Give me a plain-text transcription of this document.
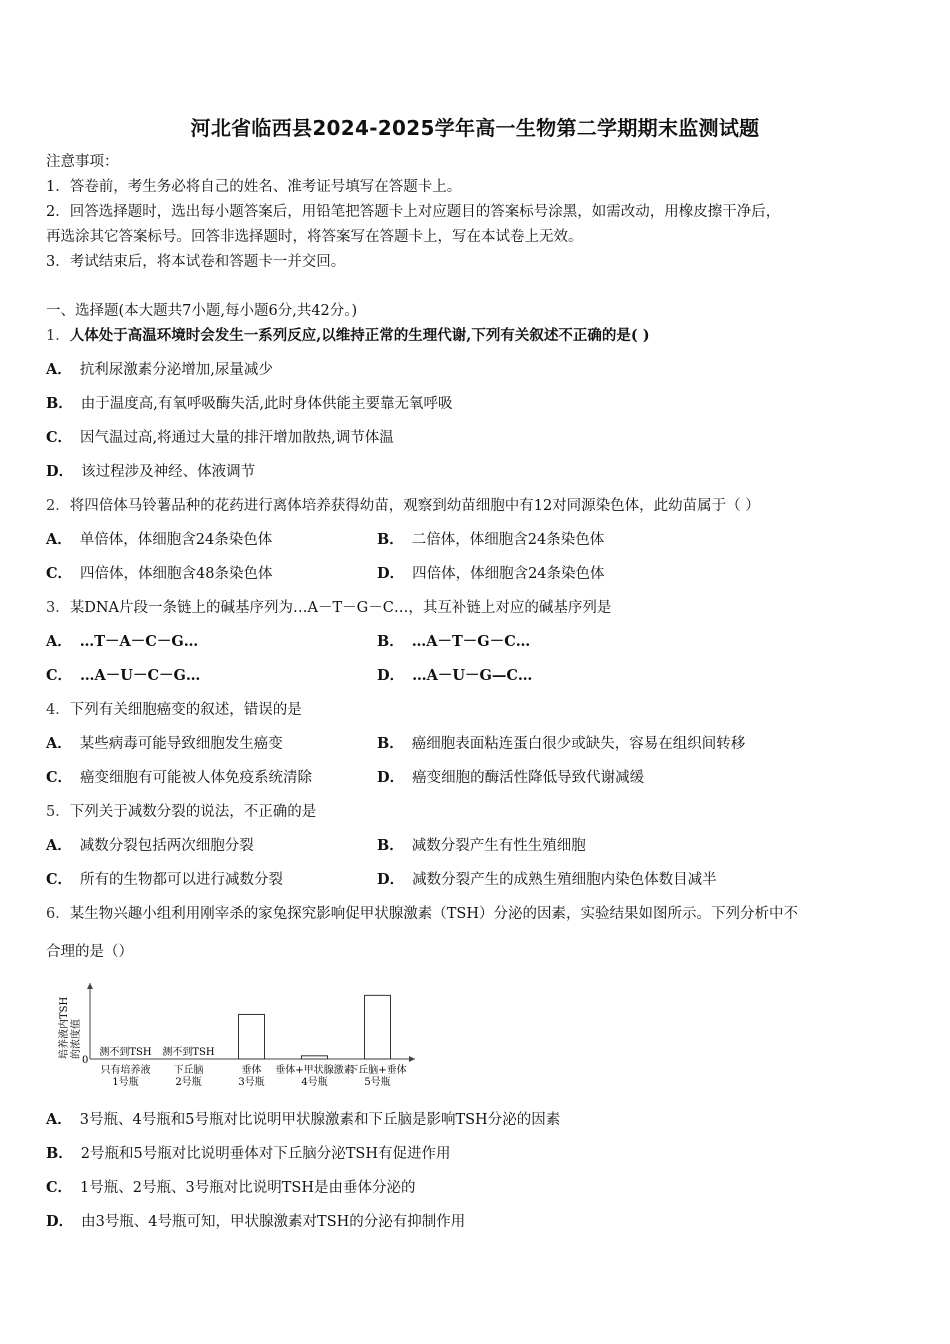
河北省临西县2024-2025学年高一生物第二学期期末监测试题
注意事项：
1．答卷前，考生务必将自己的姓名、准考证号填写在答题卡上。
2．回答选择题时，选出每小题答案后，用铅笔把答题卡上对应题目的答案标号涂黑，如需改动，用橡皮擦干净后，
再选涂其它答案标号。回答非选择题时，将答案写在答题卡上，写在本试卷上无效。
3．考试结束后，将本试卷和答题卡一并交回。
一、选择题(本大题共7小题,每小题6分,共42分。)
1．人体处于高温环境时会发生一系列反应,以维持正常的生理代谢,下列有关叙述不正确的是( )
A． 抗利尿激素分泌增加,尿量减少
B． 由于温度高,有氧呼吸酶失活,此时身体供能主要靠无氧呼吸
C． 因气温过高,将通过大量的排汗增加散热,调节体温
D． 该过程涉及神经、体液调节
2．将四倍体马铃薯品种的花药进行离体培养获得幼苗，观察到幼苗细胞中有12对同源染色体，此幼苗属于（ ）
A． 单倍体，体细胞含24条染色体	B． 二倍体，体细胞含24条染色体
C． 四倍体，体细胞含48条染色体	D． 四倍体，体细胞含24条染色体
3．某DNA片段一条链上的碱基序列为…A－T－G－C…，其互补链上对应的碱基序列是
A． …T－A－C－G…	B． …A－T－G－C…
C． …A－U－C－G…	D． …A－U－G—C…
4．下列有关细胞癌变的叙述，错误的是
A． 某些病毒可能导致细胞发生癌变	B． 癌细胞表面粘连蛋白很少或缺失，容易在组织间转移
C． 癌变细胞有可能被人体免疫系统清除	D． 癌变细胞的酶活性降低导致代谢减缓
5．下列关于减数分裂的说法，不正确的是
A． 减数分裂包括两次细胞分裂	B． 减数分裂产生有性生殖细胞
C． 所有的生物都可以进行减数分裂	D． 减数分裂产生的成熟生殖细胞内染色体数目减半
6．某生物兴趣小组利用刚宰杀的家兔探究影响促甲状腺激素（TSH）分泌的因素，实验结果如图所示。下列分析中不
合理的是（）
培养液内TSH 的浓度值
0
测不到TSH
只有培养液
1号瓶
测不到TSH
下丘脑
2号瓶
垂体
3号瓶
垂体+甲状腺激素
4号瓶
下丘脑+垂体
5号瓶
A． 3号瓶、4号瓶和5号瓶对比说明甲状腺激素和下丘脑是影响TSH分泌的因素
B． 2号瓶和5号瓶对比说明垂体对下丘脑分泌TSH有促进作用
C． 1号瓶、2号瓶、3号瓶对比说明TSH是由垂体分泌的
D． 由3号瓶、4号瓶可知，甲状腺激素对TSH的分泌有抑制作用
